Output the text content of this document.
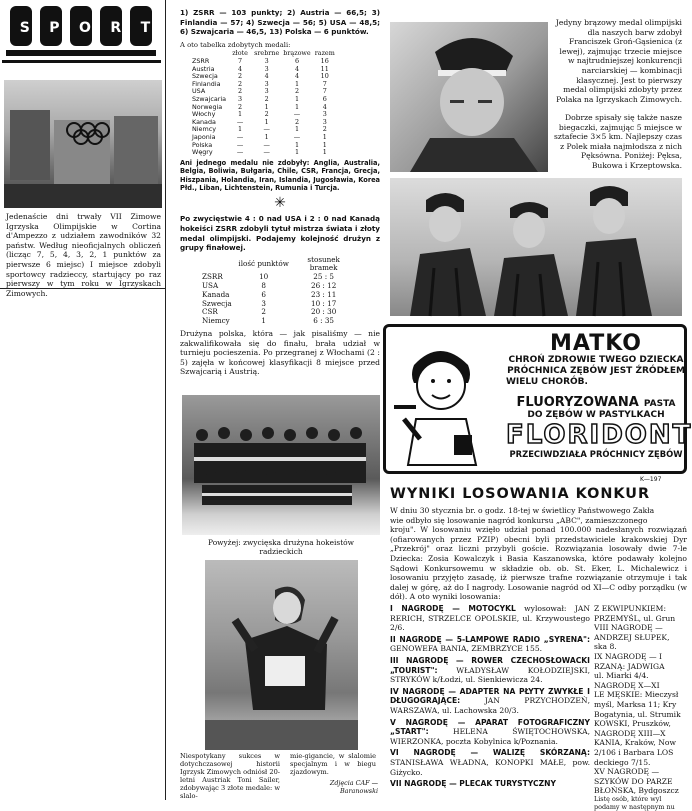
S P O R T

Jedenaście dni trwały VII Zimowe Igrzyska Olimpijskie w Cortina d'Ampezzo z udziałem zawodników 32 państw. Według nieoficjalnych obliczeń (licząc 7, 5, 4, 3, 2, 1 punktów za pierwsze 6 miejsc) I miejsce zdobyli sportowcy radzieccy, startujący po raz pierwszy w tym roku w Igrzyskach Zimowych.

1) ZSRR — 103 punkty; 2) Austria — 66,5; 3) Finlandia — 57; 4) Szwecja — 56; 5) USA — 48,5; 6) Szwajcaria — 46,5, 13) Polska — 6 punktów.

A oto tabelka zdobytych medali:

	złote	srebrne	brązowe	razem
ZSRR	7	3	6	16
Austria	4	3	4	11
Szwecja	2	4	4	10
Finlandia	2	3	1	7
USA	2	3	2	7
Szwajcaria	3	2	1	6
Norwegia	2	1	1	4
Włochy	1	2	—	3
Kanada	—	1	2	3
Niemcy	1	—	1	2
Japonia	—	1	—	1
Polska	—	—	1	1
Węgry	—	—	1	1

Ani jednego medalu nie zdobyły: Anglia, Australia, Belgia, Boliwia, Bułgaria, Chile, CSR, Francja, Grecja, Hiszpania, Holandia, Iran, Islandia, Jugosławia, Korea Płd., Liban, Lichtenstein, Rumunia i Turcja.

✳

Po zwycięstwie 4 : 0 nad USA i 2 : 0 nad Kanadą hokeiści ZSRR zdobyli tytuł mistrza świata i złoty medal olimpijski. Podajemy kolejność drużyn z grupy finałowej.

	ilość punktów	stosunek bramek
ZSRR	10	25 : 5
USA	8	26 : 12
Kanada	6	23 : 11
Szwecja	3	10 : 17
CSR	2	20 : 30
Niemcy	1	6 : 35

Drużyna polska, która — jak pisaliśmy — nie zakwalifikowała się do finału, brała udział w turnieju pocieszenia. Po przegranej z Włochami (2 : 5) zajęła w końcowej klasyfikacji 8 miejsce przed Szwajcarią i Austrią.

Powyżej: zwycięska drużyna hokeistów radzieckich

Niespotykany sukces w dotychczasowej historii Igrzysk Zimowych odniósł 20-letni Austriak Toni Sailer, zdobywając 3 złote medale: w slalo-

mie-gigancie, w slalomie specjalnym i w biegu zjazdowym.

Zdjęcia CAF — Baranowski

Jedyny brązowy medal olimpijski dla naszych barw zdobył Franciszek Groń-Gąsienica (z lewej), zajmując trzecie miejsce w najtrudniejszej konkurencji narciarskiej — kombinacji klasycznej. Jest to pierwszy medal olimpijski zdobyty przez Polaka na Igrzyskach Zimowych.

Dobrze spisały się także nasze biegaczki, zajmując 5 miejsce w sztafecie 3×5 km. Najlepszy czas z Polek miała najmłodsza z nich Pęksówna. Poniżej: Pęksa, Bukowa i Krzeptowska.

MATKO
CHROŃ ZDROWIE TWEGO DZIECKA
PRÓCHNICA ZĘBÓW JEST ŹRÓDŁEM
WIELU CHORÓB.
FLUORYZOWANA PASTA
DO ZĘBÓW W PASTYLKACH
FLORIDONT
PRZECIWDZIAŁA PRÓCHNICY ZĘBÓW
K—197
WYNIKI LOSOWANIA KONKUR

W dniu 30 stycznia br. o godz. 18-tej w świetlicy Państwowego Zakła

wie odbyło się losowanie nagród konkursu „ABC", zamieszczonego

kroju". W losowaniu wzięło udział ponad 100.000 nadesłanych rozwiązań (ofiarowanych przez PZIP) obecni byli przedstawiciele krakowskiej Dyr „Przekrój" oraz liczni przybyli goście. Rozwiązania losowały dwie 7-le Dziecka: Zosia Kowalczyk i Basia Kaszanowska, które podawały kolejno Sądowi Konkursowemu w składzie ob. ob. St. Eker, L. Michalewicz i losowaniu przyjęto zasadę, iż pierwsze trafne rozwiązanie otrzymuje i tak dalej w górę, aż do I nagrody. Losowanie nagród od XI—C odby porządku (w dół). A oto wyniki losowania:

I NAGRODĘ — MOTOCYKL wylosował: JAN RERICH, STRZELCE OPOLSKIE, ul. Krzywoustego 2/6.

II NAGRODĘ — 5-LAMPOWE RADIO „SYRENA": GENOWEFA BANIA, ZEMBRZYCE 155.

III NAGRODĘ — ROWER CZECHOSŁOWACKI „TOURIST": WŁADYSŁAW KOŁODZIEJSKI, STRYKÓW k/Łodzi, ul. Sienkiewicza 24.

IV NAGRODĘ — ADAPTER NA PŁYTY ZWYKŁE I DŁUGOGRAJĄCE:	JAN PRZYCHODZEŃ, WARSZAWA, ul. Lachowska 20/3.

V NAGRODĘ — APARAT FOTOGRAFICZNY „START":	HELENA ŚWIĘTOCHOWSKA, WIERZONKA, poczta Kobylnica k/Poznania.

VI NAGRODĘ — WALIZĘ SKÓRZANĄ: STANISŁAWA WŁADNA, KONOPKI MAŁE, pow. Giżycko.

VII NAGRODĘ — PLECAK TURYSTYCZNY

Z EKWIPUNKIEM:
PRZEMYŚL, ul. Grun
VIII NAGRODĘ —
ANDRZEJ SŁUPEK,
ska 8.
IX NAGRODĘ — I
RZANĄ: JADWIGA
ul. Miarki 4/4.
NAGRODĘ X—XI
LE MĘSKIE: Mieczysł
myśl, Marksa 11; Kry
Bogatynia, ul. Strumik
KOWSKI, Pruszków,
NAGRODĘ XIII—X
KANIA, Kraków, Now
2/106 i Barbara LOS
deckiego 7/15.
XV NAGRODĘ —
SZYKÓW DO PARZE
BŁOŃSKA, Bydgoszcz
Listę osób, które wyl
podamy w następnym nu
